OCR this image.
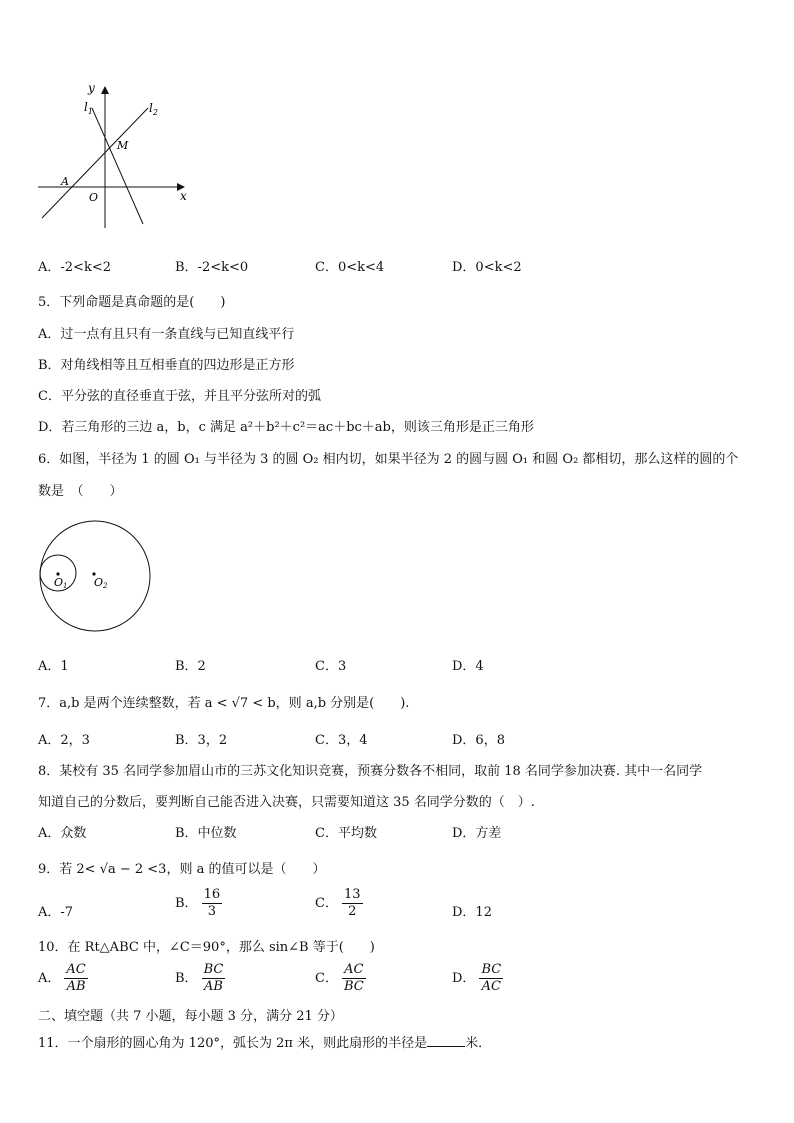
y
x
$l_1$	$l_2$
M
A
O
A．-2<k<2	B．-2<k<0	C．0<k<4	D．0<k<2
5．下列命题是真命题的是(　　)
A．过一点有且只有一条直线与已知直线平行
B．对角线相等且互相垂直的四边形是正方形
C．平分弦的直径垂直于弦，并且平分弦所对的弧
D．若三角形的三边 a，b，c 满足 a²＋b²＋c²＝ac＋bc＋ab，则该三角形是正三角形
6．如图，半径为 1 的圆 O₁ 与半径为 3 的圆 O₂ 相内切，如果半径为 2 的圆与圆 O₁ 和圆 O₂ 都相切，那么这样的圆的个
数是　（　　）
O1 O2
A．1	B．2	C．3	D．4
7．a,b 是两个连续整数，若 a < √7 < b，则 a,b 分别是(　　).
A．2，3	B．3，2	C．3，4	D．6，8
8．某校有 35 名同学参加眉山市的三苏文化知识竞赛，预赛分数各不相同，取前 18 名同学参加决赛. 其中一名同学
知道自己的分数后，要判断自己能否进入决赛，只需要知道这 35 名同学分数的（　）.
A．众数	B．中位数	C．平均数	D．方差
9．若 2< √a − 2 <3，则 a 的值可以是（　　）
A．-7
B． $\frac{16}{3}$	C． $\frac{13}{2}$	D．12
10．在 Rt△ABC 中，∠C＝90°，那么 sin∠B 等于(　　)
A． $\frac{AC}{AB}$	B． $\frac{BC}{AB}$	C． $\frac{AC}{BC}$	D． $\frac{BC}{AC}$
二、填空题（共 7 小题，每小题 3 分，满分 21 分）
11．一个扇形的圆心角为 120°，弧长为 2π 米，则此扇形的半径是	米．
